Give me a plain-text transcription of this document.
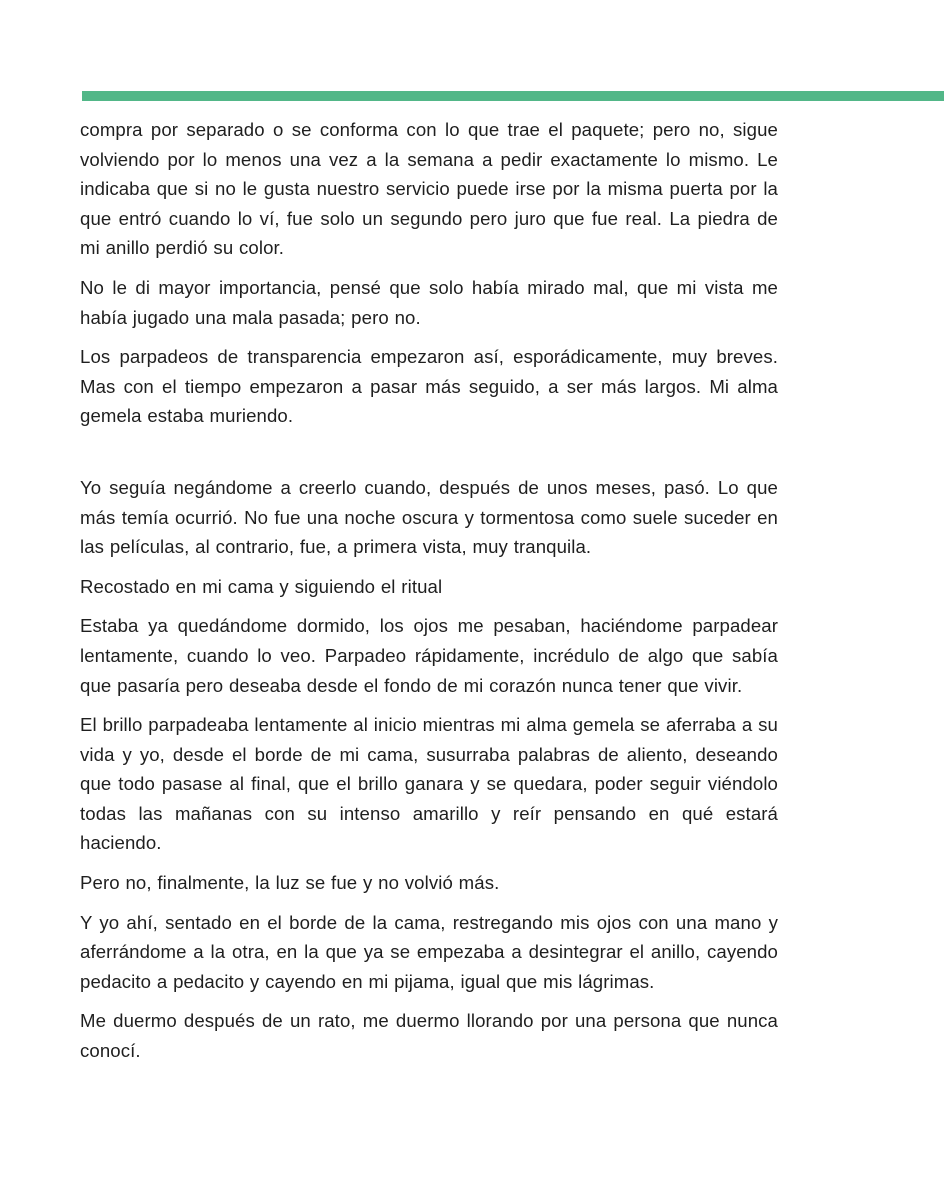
compra por separado o se conforma con lo que trae el paquete; pero no, sigue volviendo por lo menos una vez a la semana a pedir exactamente lo mismo. Le indicaba que si no le gusta nuestro servicio puede irse por la misma puerta por la que entró cuando lo ví, fue solo un segundo pero juro que fue real. La piedra de mi anillo perdió su color.

No le di mayor importancia, pensé que solo había mirado mal, que mi vista me había jugado una mala pasada; pero no.

Los parpadeos de transparencia empezaron así, esporádicamente, muy breves. Mas con el tiempo empezaron a pasar más seguido, a ser más largos. Mi alma gemela estaba muriendo.

Yo seguía negándome a creerlo cuando, después de unos meses, pasó. Lo que más temía ocurrió. No fue una noche oscura y tormentosa como suele suceder en las películas, al contrario, fue, a primera vista, muy tranquila.

Recostado en mi cama y siguiendo el ritual

Estaba ya quedándome dormido, los ojos me pesaban, haciéndome parpadear lentamente, cuando lo veo. Parpadeo rápidamente, incrédulo de algo que sabía que pasaría pero deseaba desde el fondo de mi corazón nunca tener que vivir.

El brillo parpadeaba lentamente al inicio mientras mi alma gemela se aferraba a su vida y yo, desde el borde de mi cama, susurraba palabras de aliento, deseando que todo pasase al final, que el brillo ganara y se quedara, poder seguir viéndolo todas las mañanas con su intenso amarillo y reír pensando en qué estará haciendo.

Pero no, finalmente, la luz se fue y no volvió más.

Y yo ahí, sentado en el borde de la cama, restregando mis ojos con una mano y aferrándome a la otra, en la que ya se empezaba a desintegrar el anillo, cayendo pedacito a pedacito y cayendo en mi pijama, igual que mis lágrimas.

Me duermo después de un rato, me duermo llorando por una persona que nunca conocí.
